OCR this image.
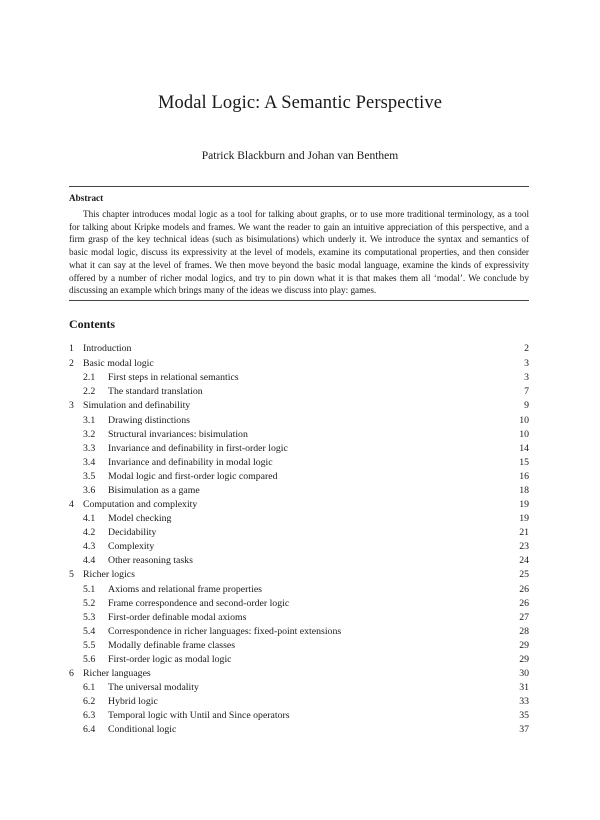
Modal Logic: A Semantic Perspective
Patrick Blackburn and Johan van Benthem
Abstract

This chapter introduces modal logic as a tool for talking about graphs, or to use more traditional terminology, as a tool for talking about Kripke models and frames. We want the reader to gain an intuitive appreciation of this perspective, and a firm grasp of the key technical ideas (such as bisimulations) which underly it. We introduce the syntax and semantics of basic modal logic, discuss its expressivity at the level of models, examine its computational properties, and then consider what it can say at the level of frames. We then move beyond the basic modal language, examine the kinds of expressivity offered by a number of richer modal logics, and try to pin down what it is that makes them all ‘modal’. We conclude by discussing an example which brings many of the ideas we discuss into play: games.

Contents
1 Introduction	2
2 Basic modal logic	3
2.1 First steps in relational semantics	3
2.2 The standard translation	7
3 Simulation and definability	9
3.1 Drawing distinctions	10
3.2 Structural invariances: bisimulation	10
3.3 Invariance and definability in first-order logic	14
3.4 Invariance and definability in modal logic	15
3.5 Modal logic and first-order logic compared	16
3.6 Bisimulation as a game	18
4 Computation and complexity	19
4.1 Model checking	19
4.2 Decidability	21
4.3 Complexity	23
4.4 Other reasoning tasks	24
5 Richer logics	25
5.1 Axioms and relational frame properties	26
5.2 Frame correspondence and second-order logic	26
5.3 First-order definable modal axioms	27
5.4 Correspondence in richer languages: fixed-point extensions	28
5.5 Modally definable frame classes	29
5.6 First-order logic as modal logic	29
6 Richer languages	30
6.1 The universal modality	31
6.2 Hybrid logic	33
6.3 Temporal logic with Until and Since operators	35
6.4 Conditional logic	37
